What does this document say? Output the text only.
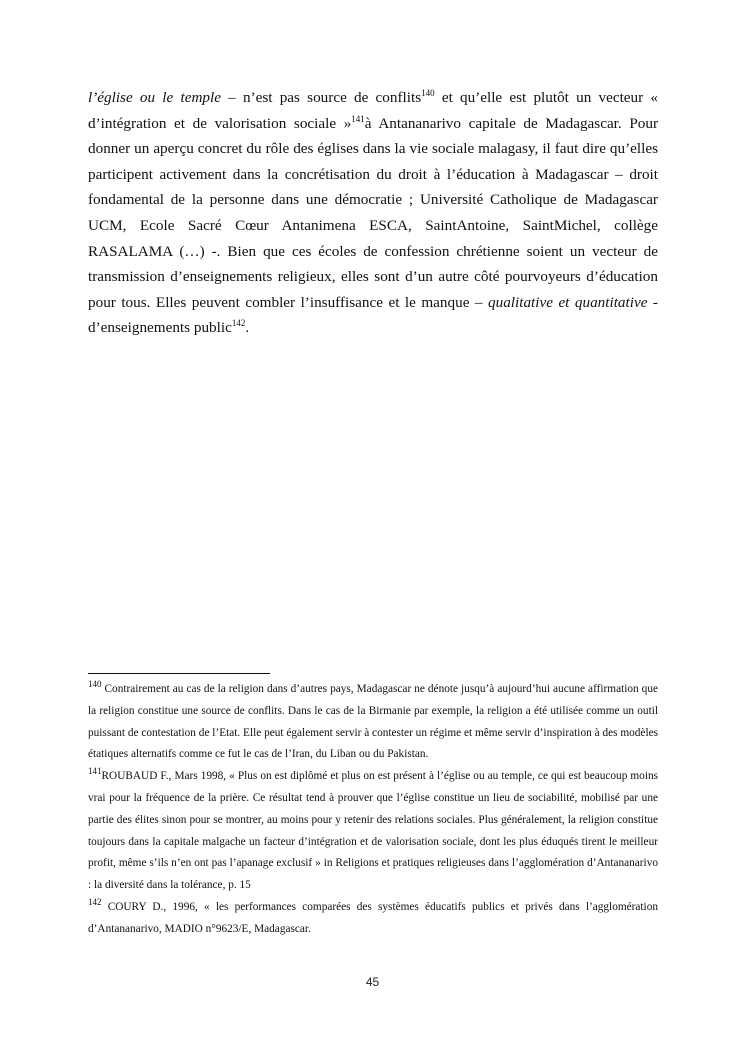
l’église ou le temple – n’est pas source de conflits$^{140}$ et qu’elle est plutôt un vecteur « d’intégration et de valorisation sociale »$^{141}$à Antananarivo capitale de Madagascar. Pour donner un aperçu concret du rôle des églises dans la vie sociale malagasy, il faut dire qu’elles participent activement dans la concrétisation du droit à l’éducation à Madagascar – droit fondamental de la personne dans une démocratie ; Université Catholique de Madagascar UCM, Ecole Sacré Cœur Antanimena ESCA, SaintAntoine, SaintMichel, collège RASALAMA (…) -. Bien que ces écoles de confession chrétienne soient un vecteur de transmission d’enseignements religieux, elles sont d’un autre côté pourvoyeurs d’éducation pour tous. Elles peuvent combler l’insuffisance et le manque – qualitative et quantitative - d’enseignements public$^{142}$.

$^{140}$ Contrairement au cas de la religion dans d’autres pays, Madagascar ne dénote jusqu’à aujourd’hui aucune affirmation que la religion constitue une source de conflits. Dans le cas de la Birmanie par exemple, la religion a été utilisée comme un outil puissant de contestation de l’Etat. Elle peut également servir à contester un régime et même servir d’inspiration à des modèles étatiques alternatifs comme ce fut le cas de l’Iran, du Liban ou du Pakistan.

$^{141}$ROUBAUD F., Mars 1998, « Plus on est diplômé et plus on est présent à l’église ou au temple, ce qui est beaucoup moins vrai pour la fréquence de la prière. Ce résultat tend à prouver que l’église constitue un lieu de sociabilité, mobilisé par une partie des élites sinon pour se montrer, au moins pour y retenir des relations sociales. Plus généralement, la religion constitue toujours dans la capitale malgache un facteur d’intégration et de valorisation sociale, dont les plus éduqués tirent le meilleur profit, même s’ils n’en ont pas l’apanage exclusif » in Religions et pratiques religieuses dans l’agglomération d’Antananarivo : la diversité dans la tolérance, p. 15

$^{142}$ COURY D., 1996, « les performances comparées des systèmes éducatifs publics et privés dans l’agglomération d’Antananarivo, MADIO n°9623/E, Madagascar.

45
